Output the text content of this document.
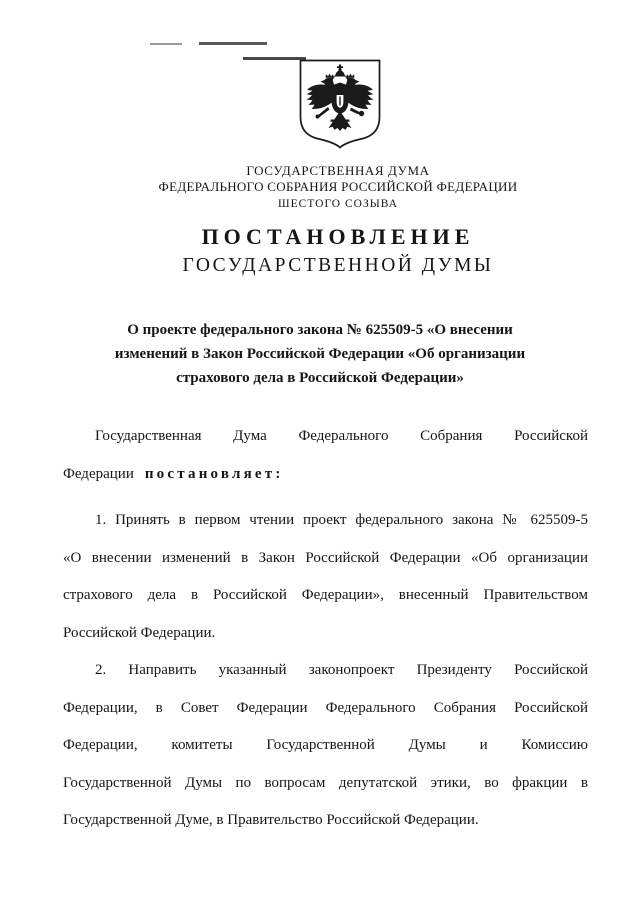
ГОСУДАРСТВЕННАЯ ДУМА
ФЕДЕРАЛЬНОГО СОБРАНИЯ РОССИЙСКОЙ ФЕДЕРАЦИИ
ШЕСТОГО СОЗЫВА
ПОСТАНОВЛЕНИЕ
ГОСУДАРСТВЕННОЙ ДУМЫ
О проекте федерального закона № 625509-5 «О внесении
изменений в Закон Российской Федерации «Об организации
страхового дела в Российской Федерации»
Государственная Дума Федерального Собрания Российской
Федерации постановляет:
1. Принять в первом чтении проект федерального закона № 625509-5
«О внесении изменений в Закон Российской Федерации «Об организации
страхового дела в Российской Федерации», внесенный Правительством
Российской Федерации.
2. Направить указанный законопроект Президенту Российской
Федерации, в Совет Федерации Федерального Собрания Российской
Федерации, комитеты Государственной Думы и Комиссию
Государственной Думы по вопросам депутатской этики, во фракции в
Государственной Думе, в Правительство Российской Федерации.
